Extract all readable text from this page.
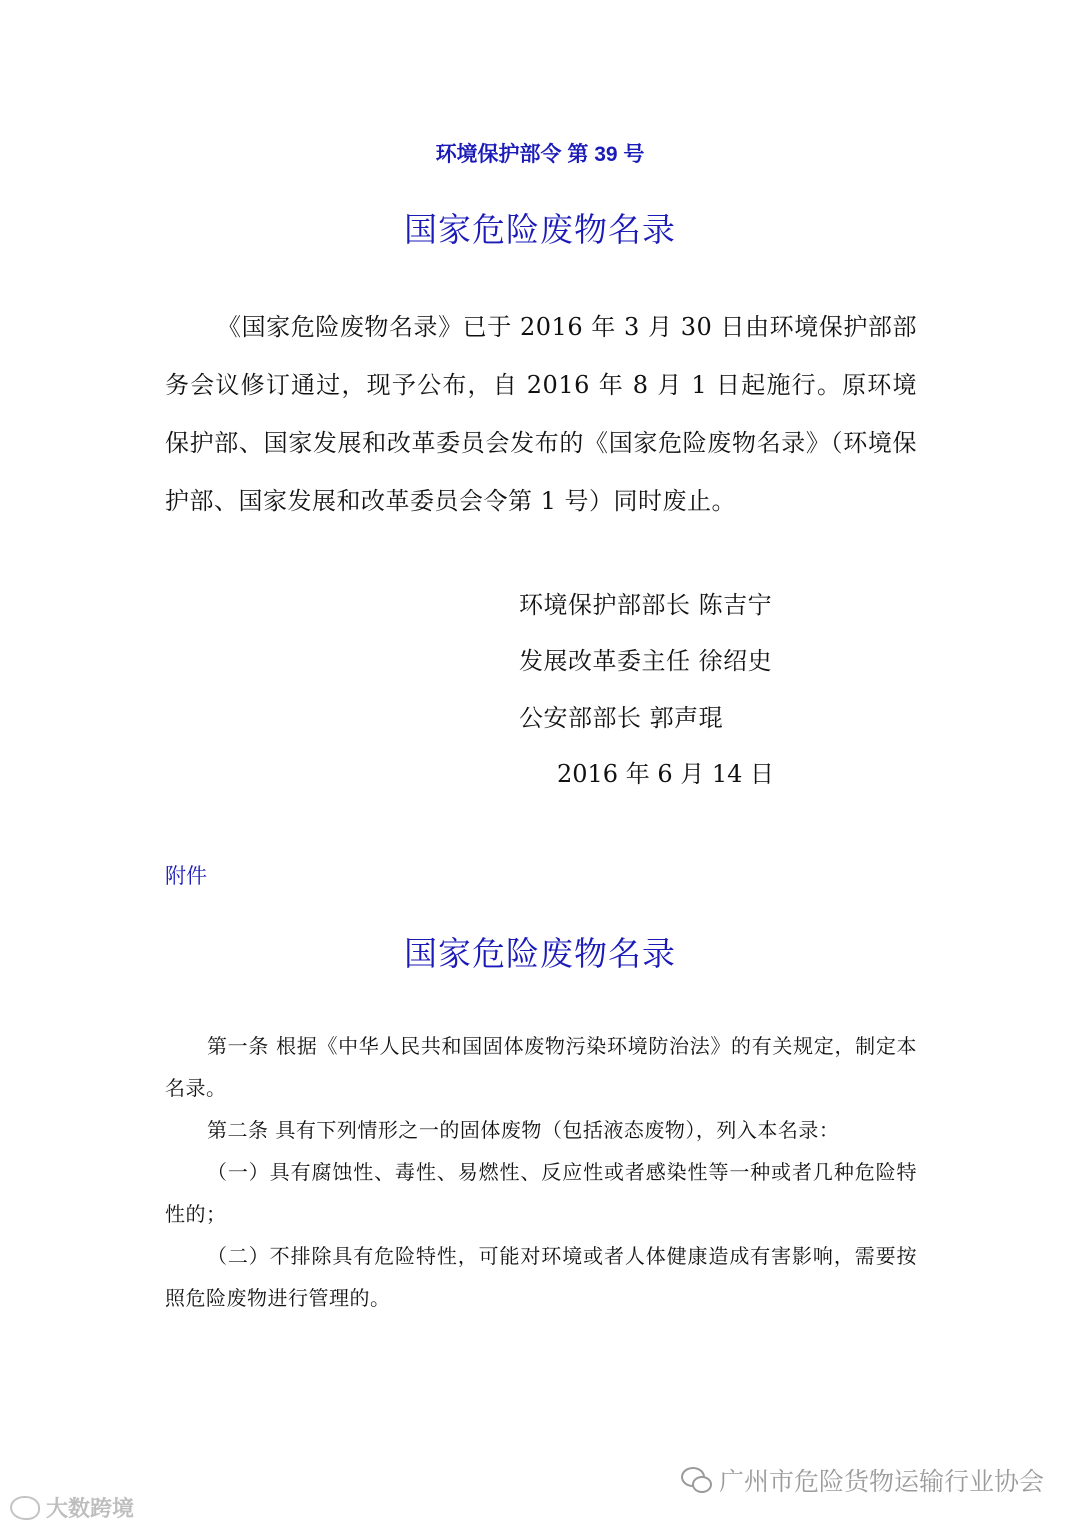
环境保护部令 第 39 号
国家危险废物名录
《国家危险废物名录》已于 2016 年 3 月 30 日由环境保护部部务会议修订通过，现予公布，自 2016 年 8 月 1 日起施行。原环境保护部、国家发展和改革委员会发布的《国家危险废物名录》（环境保护部、国家发展和改革委员会令第 1 号）同时废止。
环境保护部部长 陈吉宁
发展改革委主任 徐绍史
公安部部长 郭声琨
2016 年 6 月 14 日
附件
国家危险废物名录

第一条 根据《中华人民共和国固体废物污染环境防治法》的有关规定，制定本名录。

第二条 具有下列情形之一的固体废物（包括液态废物），列入本名录：

（一）具有腐蚀性、毒性、易燃性、反应性或者感染性等一种或者几种危险特性的；

（二）不排除具有危险特性，可能对环境或者人体健康造成有害影响，需要按照危险废物进行管理的。

大数跨境
广州市危险货物运输行业协会
